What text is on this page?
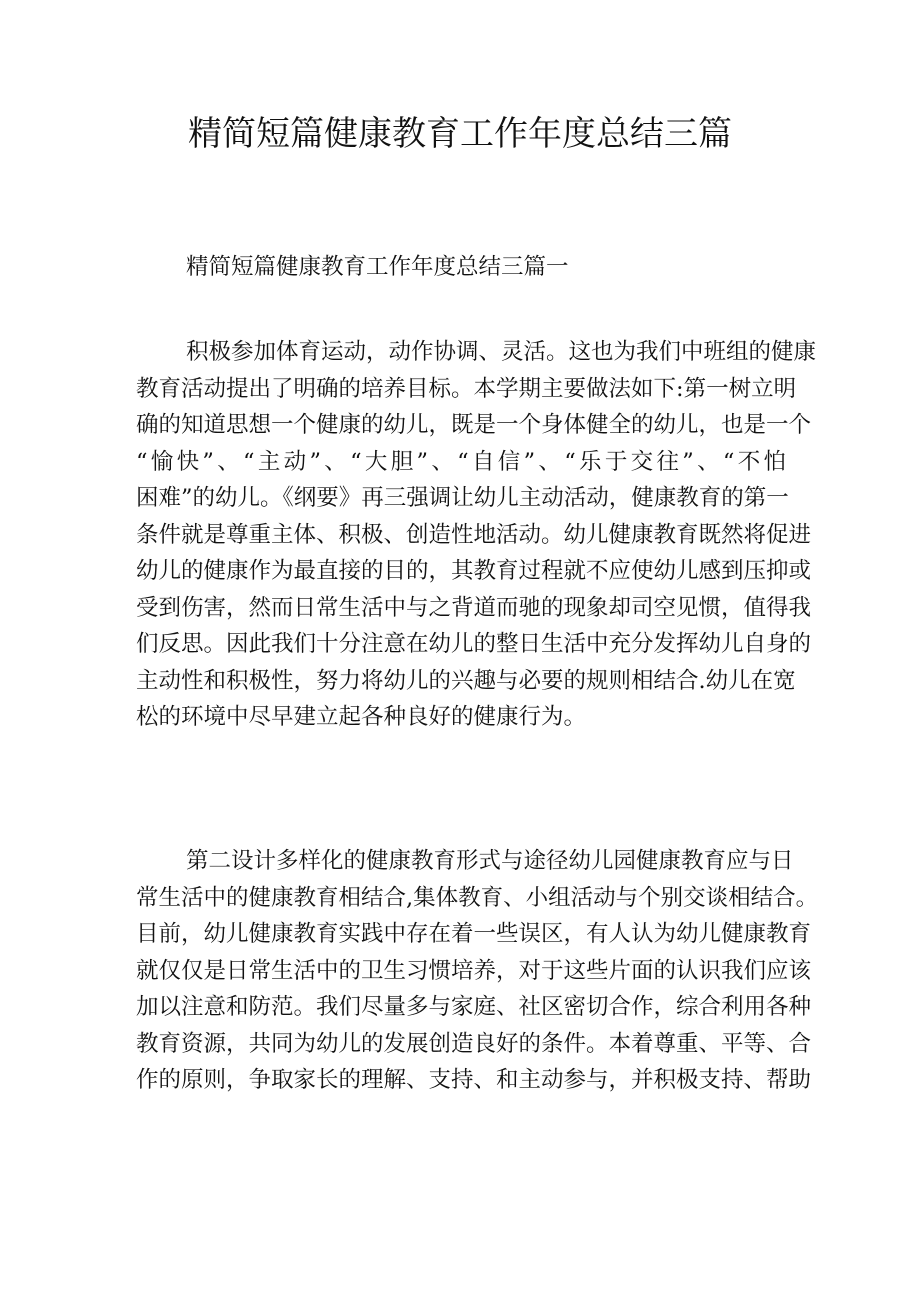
精简短篇健康教育工作年度总结三篇
精简短篇健康教育工作年度总结三篇一
积极参加体育运动，动作协调、灵活。这也为我们中班组的健康
教育活动提出了明确的培养目标。本学期主要做法如下:第一树立明
确的知道思想一个健康的幼儿，既是一个身体健全的幼儿，也是一个
“愉快”、“主动”、“大胆”、“自信”、“乐于交往”、“不怕
困难”的幼儿。《纲要》再三强调让幼儿主动活动，健康教育的第一
条件就是尊重主体、积极、创造性地活动。幼儿健康教育既然将促进
幼儿的健康作为最直接的目的，其教育过程就不应使幼儿感到压抑或
受到伤害，然而日常生活中与之背道而驰的现象却司空见惯，值得我
们反思。因此我们十分注意在幼儿的整日生活中充分发挥幼儿自身的
主动性和积极性，努力将幼儿的兴趣与必要的规则相结合.幼儿在宽
松的环境中尽早建立起各种良好的健康行为。
第二设计多样化的健康教育形式与途径幼儿园健康教育应与日
常生活中的健康教育相结合,集体教育、小组活动与个别交谈相结合。
目前，幼儿健康教育实践中存在着一些误区，有人认为幼儿健康教育
就仅仅是日常生活中的卫生习惯培养，对于这些片面的认识我们应该
加以注意和防范。我们尽量多与家庭、社区密切合作，综合利用各种
教育资源，共同为幼儿的发展创造良好的条件。本着尊重、平等、合
作的原则，争取家长的理解、支持、和主动参与，并积极支持、帮助
